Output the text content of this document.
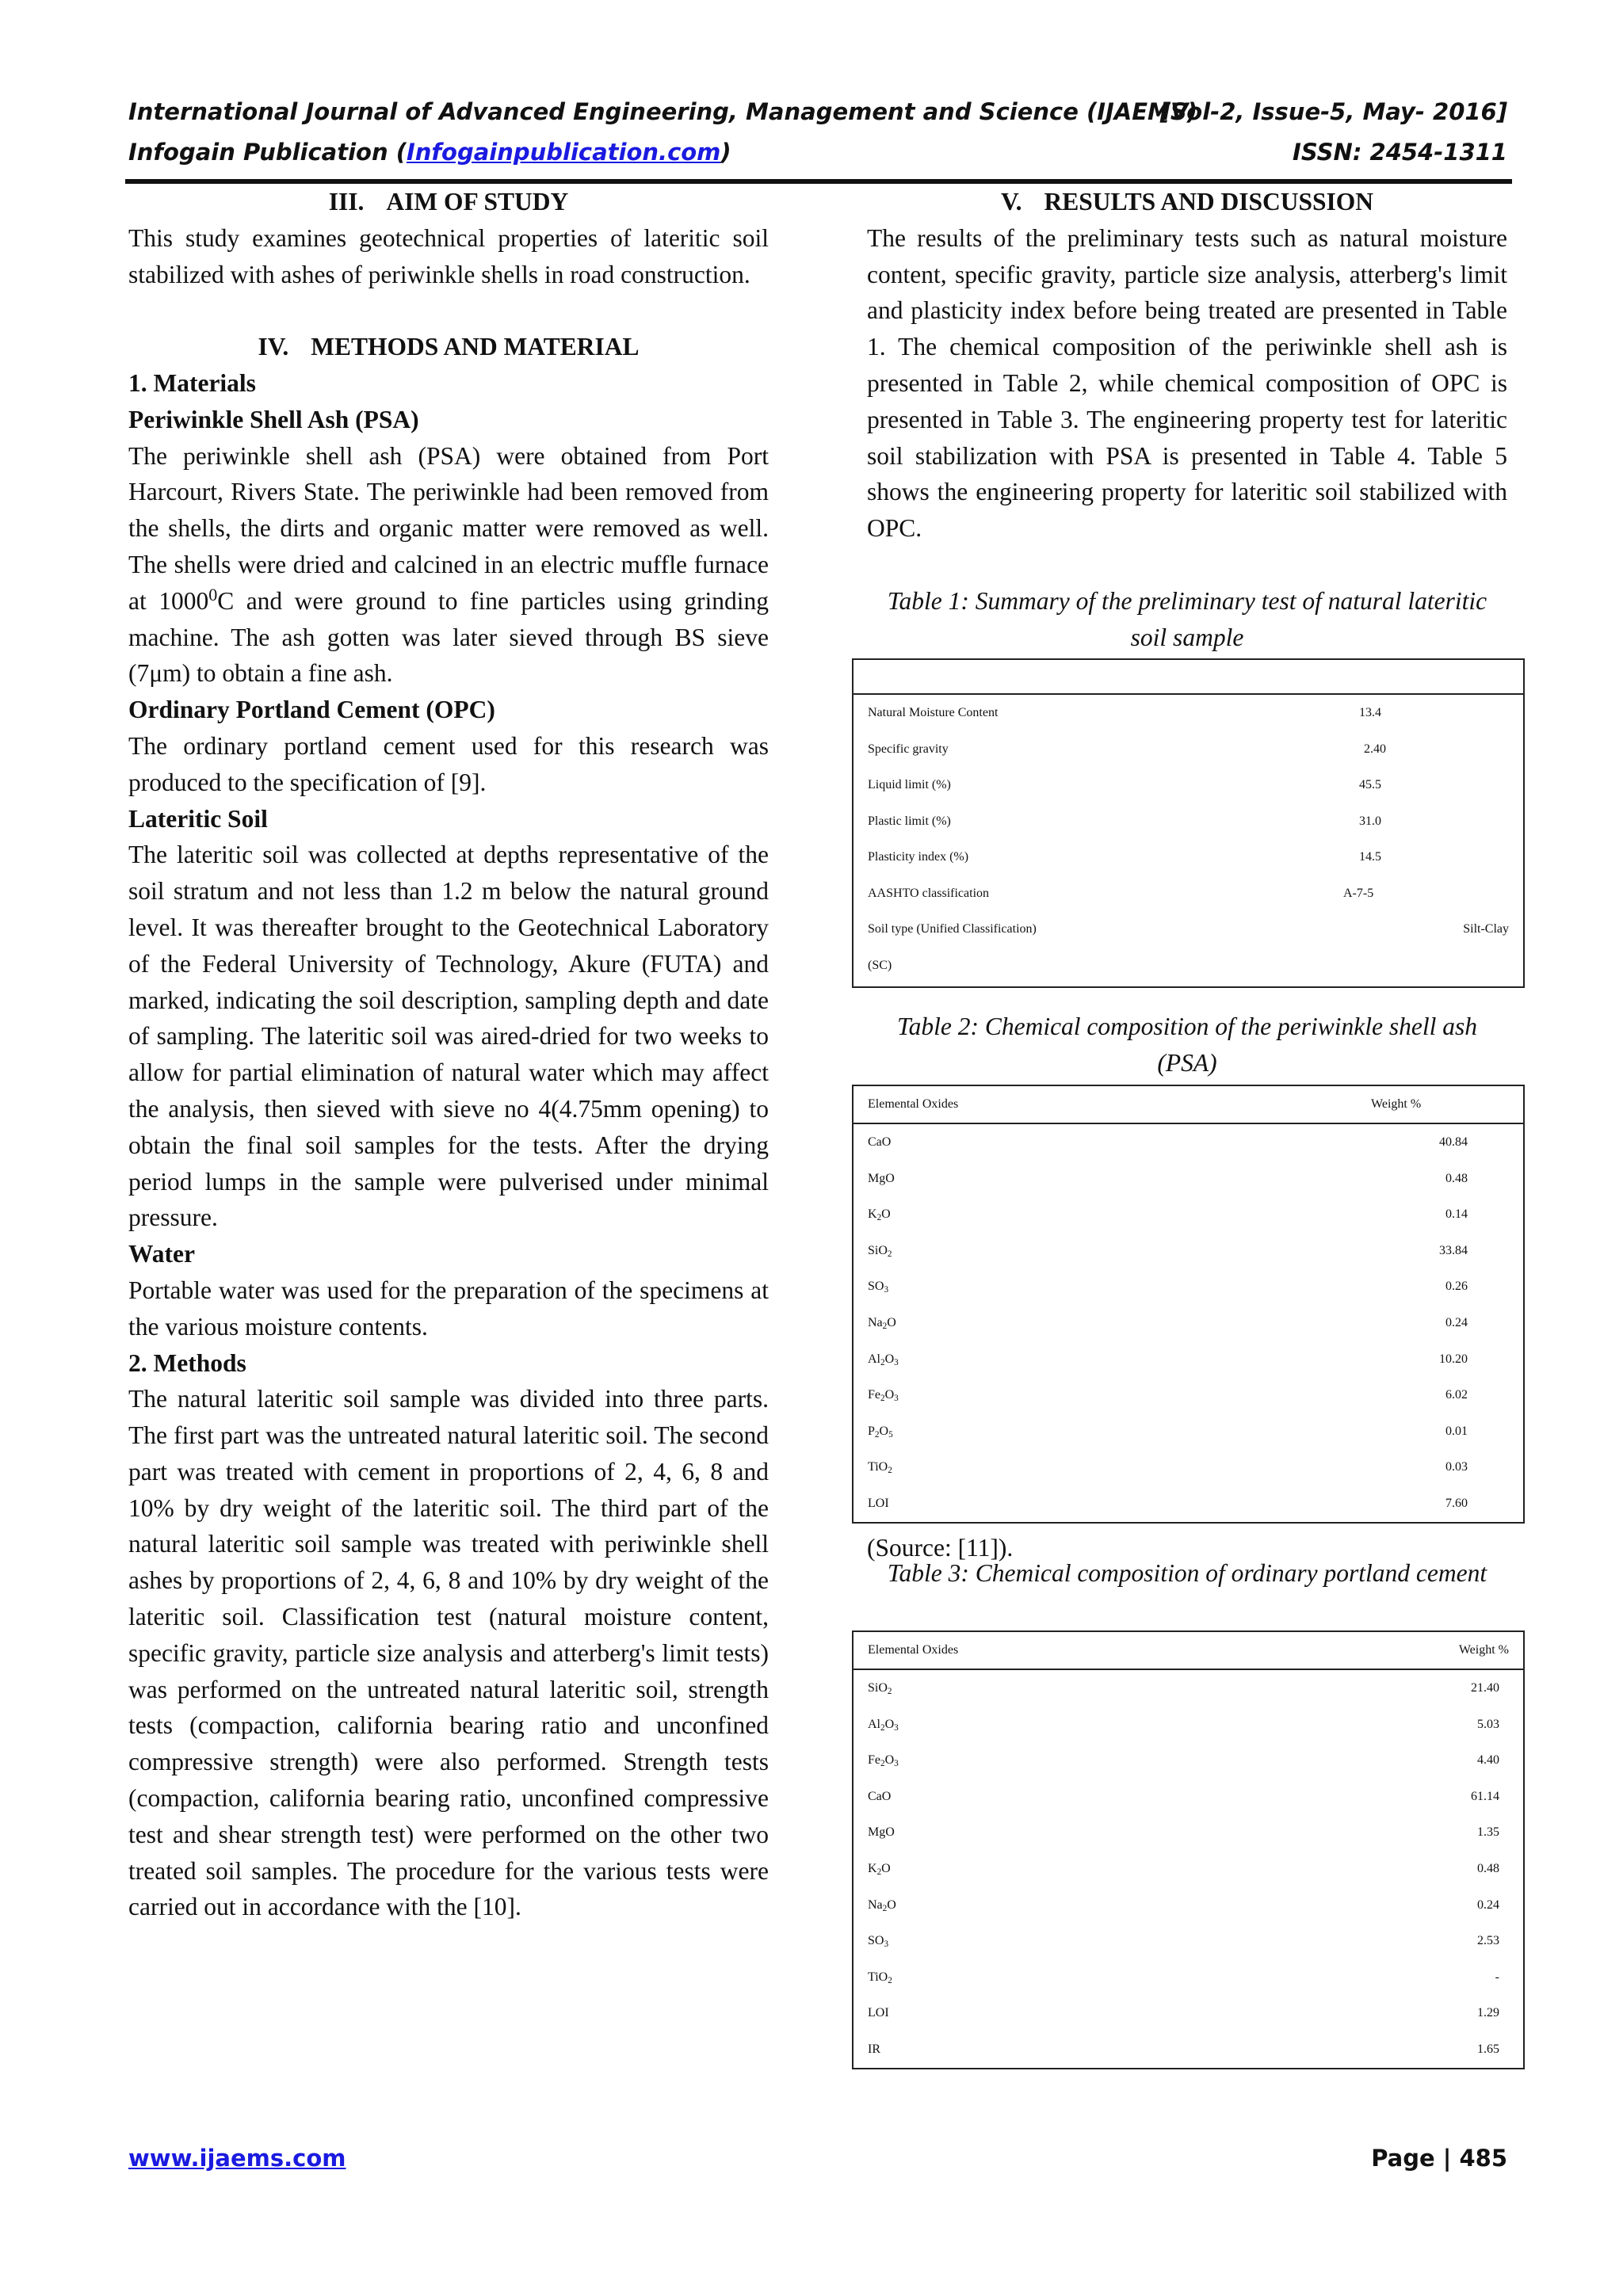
International Journal of Advanced Engineering, Management and Science (IJAEMS)
[Vol-2, Issue-5, May- 2016]
Infogain Publication (Infogainpublication.com)	ISSN: 2454-1311
III. AIM OF STUDY

This study examines geotechnical properties of lateritic soil stabilized with ashes of periwinkle shells in road construction.

IV. METHODS AND MATERIAL
1. Materials
Periwinkle Shell Ash (PSA)

The periwinkle shell ash (PSA) were obtained from Port Harcourt, Rivers State. The periwinkle had been removed from the shells, the dirts and organic matter were removed as well. The shells were dried and calcined in an electric muffle furnace at 1000$^0$C and were ground to fine particles using grinding machine. The ash gotten was later sieved through BS sieve (7μm) to obtain a fine ash.

Ordinary Portland Cement (OPC)

The ordinary portland cement used for this research was produced to the specification of [9].

Lateritic Soil

The lateritic soil was collected at depths representative of the soil stratum and not less than 1.2 m below the natural ground level. It was thereafter brought to the Geotechnical Laboratory of the Federal University of Technology, Akure (FUTA) and marked, indicating the soil description, sampling depth and date of sampling. The lateritic soil was aired-dried for two weeks to allow for partial elimination of natural water which may affect the analysis, then sieved with sieve no 4(4.75mm opening) to obtain the final soil samples for the tests. After the drying period lumps in the sample were pulverised under minimal pressure.

Water

Portable water was used for the preparation of the specimens at the various moisture contents.

2. Methods

The natural lateritic soil sample was divided into three parts. The first part was the untreated natural lateritic soil. The second part was treated with cement in proportions of 2, 4, 6, 8 and 10% by dry weight of the lateritic soil. The third part of the natural lateritic soil sample was treated with periwinkle shell ashes by proportions of 2, 4, 6, 8 and 10% by dry weight of the lateritic soil. Classification test (natural moisture content, specific gravity, particle size analysis and atterberg's limit tests) was performed on the untreated natural lateritic soil, strength tests (compaction, california bearing ratio and unconfined compressive strength) were also performed. Strength tests (compaction, california bearing ratio, unconfined compressive test and shear strength test) were performed on the other two treated soil samples. The procedure for the various tests were carried out in accordance with the [10].

V. RESULTS AND DISCUSSION

The results of the preliminary tests such as natural moisture content, specific gravity, particle size analysis, atterberg's limit and plasticity index before being treated are presented in Table 1. The chemical composition of the periwinkle shell ash is presented in Table 2, while chemical composition of OPC is presented in Table 3. The engineering property test for lateritic soil stabilization with PSA is presented in Table 4. Table 5 shows the engineering property for lateritic soil stabilized with OPC.

Table 1: Summary of the preliminary test of natural lateritic soil sample
Natural Moisture Content	13.4
Specific gravity	2.40
Liquid limit (%)	45.5
Plastic limit (%)	31.0
Plasticity index (%)	14.5
AASHTO classification	A-7-5
Soil type (Unified Classification)	Silt-Clay
(SC)
Table 2: Chemical composition of the periwinkle shell ash (PSA)
Elemental Oxides	Weight %
CaO	40.84
MgO	0.48
$K_2O$	0.14
SiO$_2$	33.84
$SO_3$	0.26
$Na_2O$	0.24
$Al_2O_3$	10.20
$Fe_2O_3$	6.02
$P_2O_5$	0.01
TiO$_2$	0.03
LOI	7.60
(Source: [11]).
Table 3: Chemical composition of ordinary portland cement
Elemental Oxides	Weight %
SiO$_2$	21.40
$Al_2O_3$	5.03
$Fe_2O_3$	4.40
CaO	61.14
MgO	1.35
$K_2O$	0.48
$Na_2O$	0.24
$SO_3$	2.53
TiO$_2$	-
LOI	1.29
IR	1.65
www.ijaems.com	Page | 485
